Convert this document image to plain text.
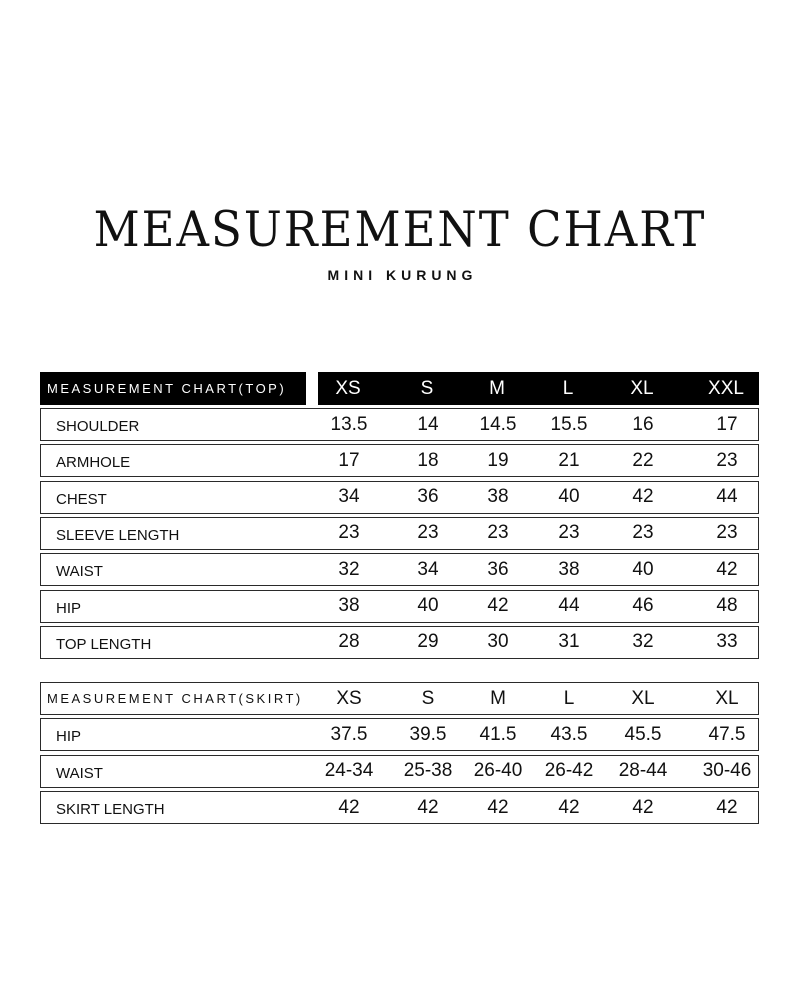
MEASUREMENT CHART
MINI KURUNG
MEASUREMENT CHART(TOP)	XS	S	M	L	XL	XXL
SHOULDER	13.5	14	14.5	15.5	16	17
ARMHOLE	17	18	19	21	22	23
CHEST	34	36	38	40	42	44
SLEEVE LENGTH	23	23	23	23	23	23
WAIST	32	34	36	38	40	42
HIP	38	40	42	44	46	48
TOP LENGTH	28	29	30	31	32	33
MEASUREMENT CHART(SKIRT)	XS	S	M	L	XL	XL
HIP	37.5	39.5	41.5	43.5	45.5	47.5
WAIST	24-34	25-38	26-40	26-42	28-44	30-46
SKIRT LENGTH	42	42	42	42	42	42
